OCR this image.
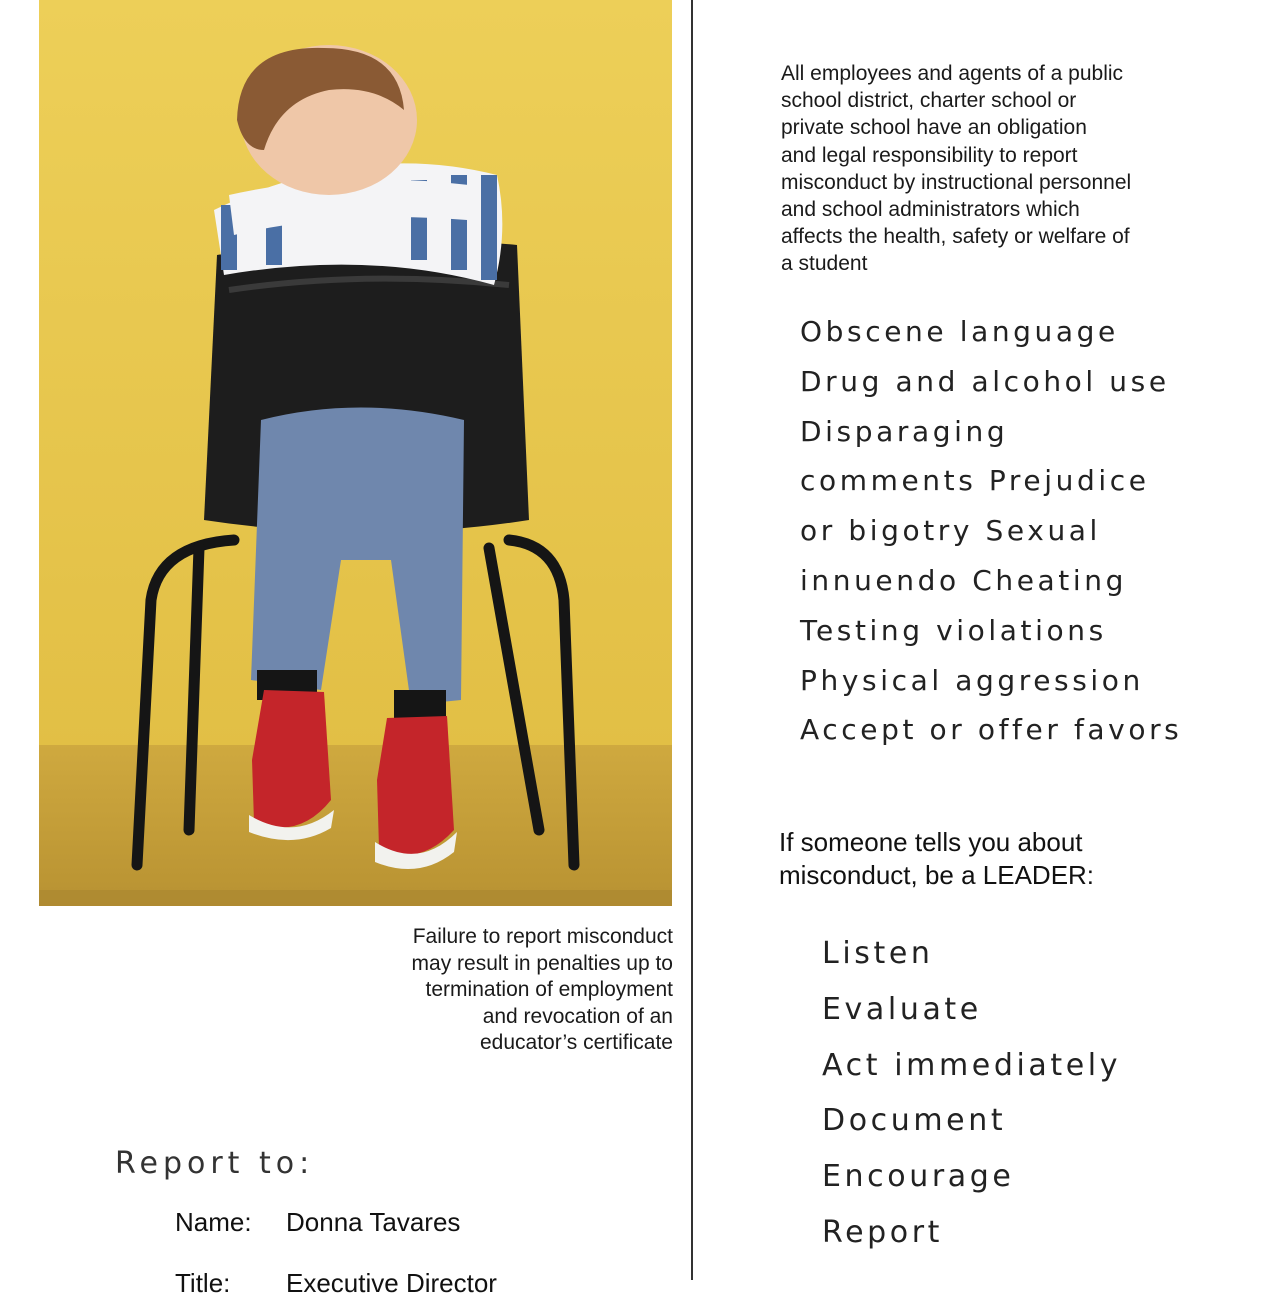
Failure to report misconduct
may result in penalties up to
termination of employment
and revocation of an
educator’s certificate
Report to:
Name: Donna Tavares
Title: Executive Director
All employees and agents of a public
school district, charter school or
private school have an obligation
and legal responsibility to report
misconduct by instructional personnel
and school administrators which
affects the health, safety or welfare of
a student
Obscene language
Drug and alcohol use
Disparaging
comments Prejudice
or bigotry Sexual
innuendo Cheating
Testing violations
Physical aggression
Accept or offer favors
If someone tells you about
misconduct, be a LEADER:
Listen
Evaluate
Act immediately
Document
Encourage
Report
